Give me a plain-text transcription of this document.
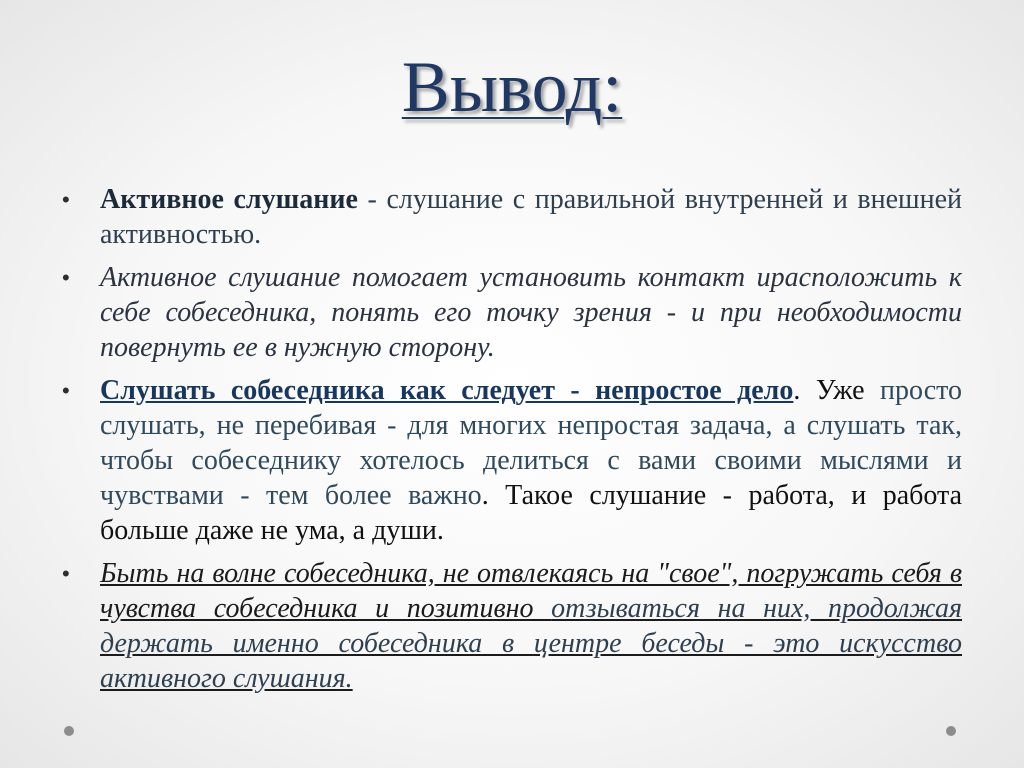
Вывод:
• Активное слушание - слушание с правильной внутренней и внешней активностью.
• Активное слушание помогает установить контакт ирасположить к себе собеседника, понять его точку зрения - и при необходимости повернуть ее в нужную сторону.
• Слушать собеседника как следует - непростое дело. Уже просто слушать, не перебивая - для многих непростая задача, а слушать так, чтобы собеседнику хотелось делиться с вами своими мыслями и чувствами - тем более важно. Такое слушание - работа, и работа больше даже не ума, а души.
• Быть на волне собеседника, не отвлекаясь на "свое", погружать себя в чувства собеседника и позитивно отзываться на них, продолжая держать именно собеседника в центре беседы - это искусство активного слушания.
